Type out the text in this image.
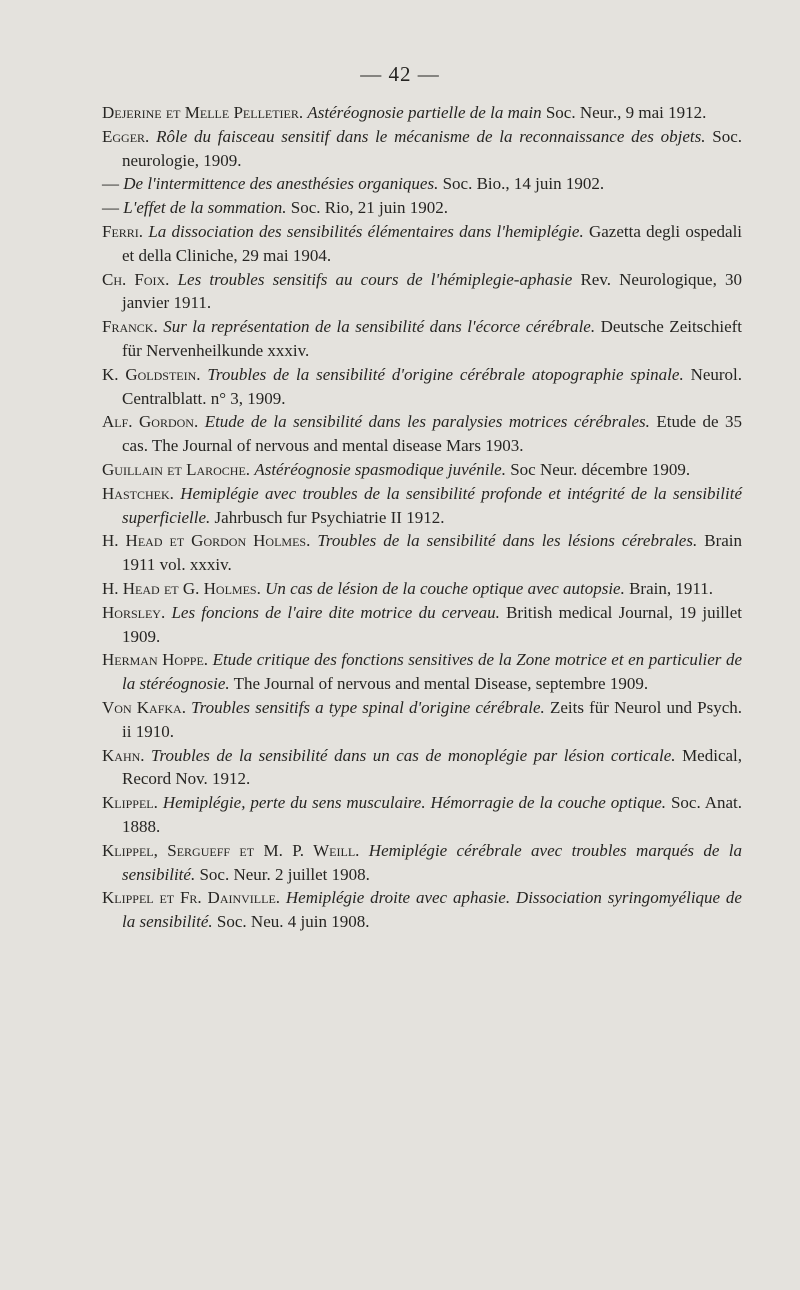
— 42 —

Dejerine et Melle Pelletier. Astéréognosie partielle de la main Soc. Neur., 9 mai 1912.

Egger. Rôle du faisceau sensitif dans le mécanisme de la reconnaissance des objets. Soc. neurologie, 1909.

— De l'intermittence des anesthésies organiques. Soc. Bio., 14 juin 1902.

— L'effet de la sommation. Soc. Rio, 21 juin 1902.

Ferri. La dissociation des sensibilités élémentaires dans l'hemiplégie. Gazetta degli ospedali et della Cliniche, 29 mai 1904.

Ch. Foix. Les troubles sensitifs au cours de l'hémiplegie-aphasie Rev. Neurologique, 30 janvier 1911.

Franck. Sur la représentation de la sensibilité dans l'écorce cérébrale. Deutsche Zeitschieft für Nervenheilkunde xxxiv.

K. Goldstein. Troubles de la sensibilité d'origine cérébrale atopographie spinale. Neurol. Centralblatt. n° 3, 1909.

Alf. Gordon. Etude de la sensibilité dans les paralysies motrices cérébrales. Etude de 35 cas. The Journal of nervous and mental disease Mars 1903.

Guillain et Laroche. Astéréognosie spasmodique juvénile. Soc Neur. décembre 1909.

Hastchek. Hemiplégie avec troubles de la sensibilité profonde et intégrité de la sensibilité superficielle. Jahrbusch fur Psychiatrie II 1912.

H. Head et Gordon Holmes. Troubles de la sensibilité dans les lésions cérebrales. Brain 1911 vol. xxxiv.

H. Head et G. Holmes. Un cas de lésion de la couche optique avec autopsie. Brain, 1911.

Horsley. Les foncions de l'aire dite motrice du cerveau. British medical Journal, 19 juillet 1909.

Herman Hoppe. Etude critique des fonctions sensitives de la Zone motrice et en particulier de la stéréognosie. The Journal of nervous and mental Disease, septembre 1909.

Von Kafka. Troubles sensitifs a type spinal d'origine cérébrale. Zeits für Neurol und Psych. ii 1910.

Kahn. Troubles de la sensibilité dans un cas de monoplégie par lésion corticale. Medical, Record Nov. 1912.

Klippel. Hemiplégie, perte du sens musculaire. Hémorragie de la couche optique. Soc. Anat. 1888.

Klippel, Sergueff et M. P. Weill. Hemiplégie cérébrale avec troubles marqués de la sensibilité. Soc. Neur. 2 juillet 1908.

Klippel et Fr. Dainville. Hemiplégie droite avec aphasie. Dissociation syringomyélique de la sensibilité. Soc. Neu. 4 juin 1908.
